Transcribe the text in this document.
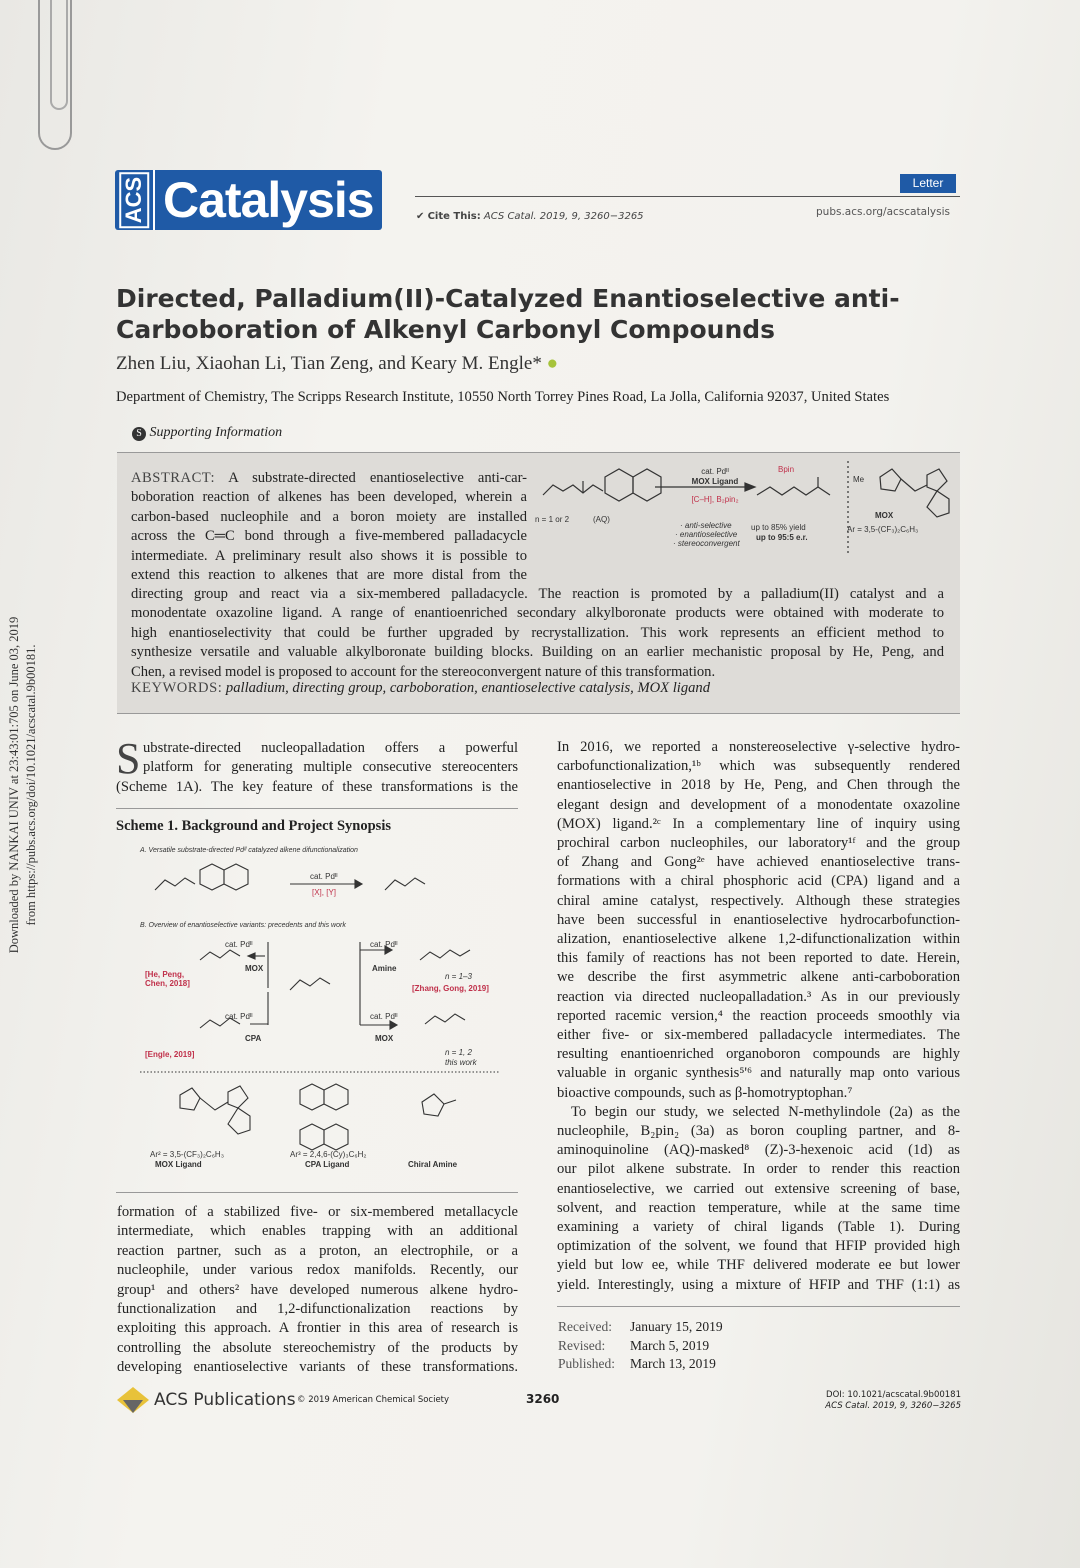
Downloaded by NANKAI UNIV at 23:43:01:705 on June 03, 2019 from https://pubs.acs.org/doi/10.1021/acscatal.9b00181.
ACS Catalysis	Letter
✔ Cite This: ACS Catal. 2019, 9, 3260−3265	pubs.acs.org/acscatalysis
Directed, Palladium(II)-Catalyzed Enantioselective anti-
Carboboration of Alkenyl Carbonyl Compounds
Zhen Liu, Xiaohan Li, Tian Zeng, and Keary M. Engle* ●
Department of Chemistry, The Scripps Research Institute, 10550 North Torrey Pines Road, La Jolla, California 92037, United States
S Supporting Information
ABSTRACT: A substrate-directed enantioselective anti-car-
boboration reaction of alkenes has been developed, wherein a
carbon-based nucleophile and a boron moiety are installed
across the C═C bond through a five-membered palladacycle
intermediate. A preliminary result also shows it is possible to
extend this reaction to alkenes that are more distal from the
directing group and react via a six-membered palladacycle. The reaction is promoted by a palladium(II) catalyst and a
monodentate oxazoline ligand. A range of enantioenriched secondary alkylboronate products were obtained with moderate to
high enantioselectivity that could be further upgraded by recrystallization. This work represents an efficient method to
synthesize versatile and valuable alkylboronate building blocks. Building on an earlier mechanistic proposal by He, Peng, and
Chen, a revised model is proposed to account for the stereoconvergent nature of this transformation.
KEYWORDS: palladium, directing group, carboboration, enantioselective catalysis, MOX ligand
n = 1 or 2	(AQ)
cat. Pdᴵᴵ
MOX Ligand
[C–H], B₂pin₂
· anti-selective
· enantioselective
· stereoconvergent
Bpin
up to 85% yield
up to 95:5 e.r.
Me
MOX
Ar = 3,5-(CF₃)₂C₆H₃
S ubstrate-directed nucleopalladation offers a powerful
platform for generating multiple consecutive stereocenters
(Scheme 1A). The key feature of these transformations is the
Scheme 1. Background and Project Synopsis
A. Versatile substrate-directed Pdᴵᴵ catalyzed alkene difunctionalization
cat. Pdᴵᴵ
[X], [Y]
B. Overview of enantioselective variants: precedents and this work
cat. Pdᴵᴵ
MOX
cat. Pdᴵᴵ
CPA
cat. Pdᴵᴵ
Amine
cat. Pdᴵᴵ
MOX
[He, Peng, Chen, 2018]
[Engle, 2019]
[Zhang, Gong, 2019]
this work
n = 1–3
n = 1, 2
Ar² = 3,5-(CF₃)₂C₆H₃
MOX Ligand
Ar³ = 2,4,6-(Cy)₃C₆H₂
CPA Ligand	Chiral Amine
formation of a stabilized five- or six-membered metallacycle
intermediate, which enables trapping with an additional
reaction partner, such as a proton, an electrophile, or a
nucleophile, under various redox manifolds. Recently, our
group¹ and others² have developed numerous alkene hydro-
functionalization and 1,2-difunctionalization reactions by
exploiting this approach. A frontier in this area of research is
controlling the absolute stereochemistry of the products by
developing enantioselective variants of these transformations.
In 2016, we reported a nonstereoselective γ-selective hydro-
carbofunctionalization,¹ᵇ which was subsequently rendered
enantioselective in 2018 by He, Peng, and Chen through the
elegant design and development of a monodentate oxazoline
(MOX) ligand.²ᶜ In a complementary line of inquiry using
prochiral carbon nucleophiles, our laboratory¹ᶠ and the group
of Zhang and Gong²ᵉ have achieved enantioselective trans-
formations with a chiral phosphoric acid (CPA) ligand and a
chiral amine catalyst, respectively. Although these strategies
have been successful in enantioselective hydrocarbofunction-
alization, enantioselective alkene 1,2-difunctionalization within
this family of reactions has not been reported to date. Herein,
we describe the first asymmetric alkene anti-carboboration
reaction via directed nucleopalladation.³ As in our previously
reported racemic version,⁴ the reaction proceeds smoothly via
either five- or six-membered palladacycle intermediates. The
resulting enantioenriched organoboron compounds are highly
valuable in organic synthesis⁵'⁶ and naturally map onto various
bioactive compounds, such as β-homotryptophan.⁷
To begin our study, we selected N-methylindole (2a) as the
nucleophile, B₂pin₂ (3a) as boron coupling partner, and 8-
aminoquinoline (AQ)-masked⁸ (Z)-3-hexenoic acid (1d) as
our pilot alkene substrate. In order to render this reaction
enantioselective, we carried out extensive screening of base,
solvent, and reaction temperature, while at the same time
examining a variety of chiral ligands (Table 1). During
optimization of the solvent, we found that HFIP provided high
yield but low ee, while THF delivered moderate ee but lower
yield. Interestingly, using a mixture of HFIP and THF (1:1) as
Received: January 15, 2019
Revised: March 5, 2019
Published: March 13, 2019
ACS Publications © 2019 American Chemical Society	3260	DOI: 10.1021/acscatal.9b00181
ACS Catal. 2019, 9, 3260−3265
